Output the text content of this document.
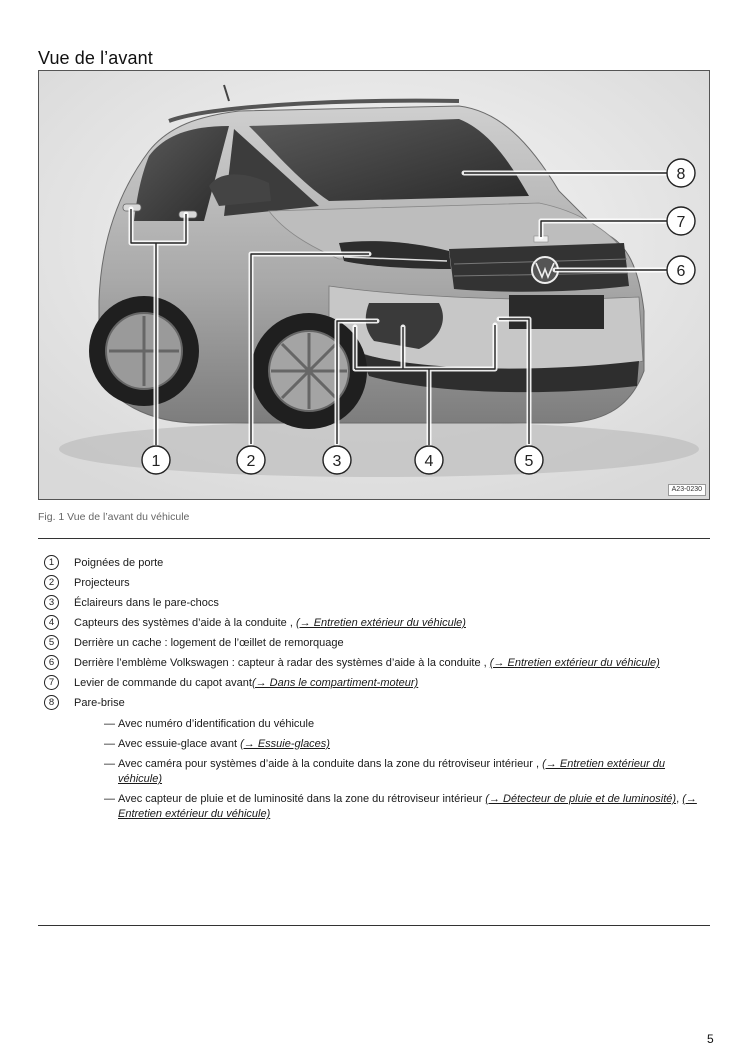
Vue de l’avant
1	2	3	4	5
6
7
8
A23-0230
Fig. 1 Vue de l’avant du véhicule
1	Poignées de porte
2	Projecteurs
3	Éclaireurs dans le pare-chocs
4	Capteurs des systèmes d’aide à la conduite , (→ Entretien extérieur du véhicule)
5	Derrière un cache : logement de l’œillet de remorquage
6	Derrière l’emblème Volkswagen : capteur à radar des systèmes d’aide à la conduite , (→ Entretien extérieur du véhicule)
7	Levier de commande du capot avant(→ Dans le compartiment-moteur)
8	Pare-brise
— Avec numéro d’identification du véhicule
— Avec essuie-glace avant (→ Essuie-glaces)
— Avec caméra pour systèmes d’aide à la conduite dans la zone du rétroviseur intérieur , (→ Entretien extérieur du véhicule)
— Avec capteur de pluie et de luminosité dans la zone du rétroviseur intérieur (→ Détecteur de pluie et de luminosité), (→ Entretien extérieur du véhicule)
5
